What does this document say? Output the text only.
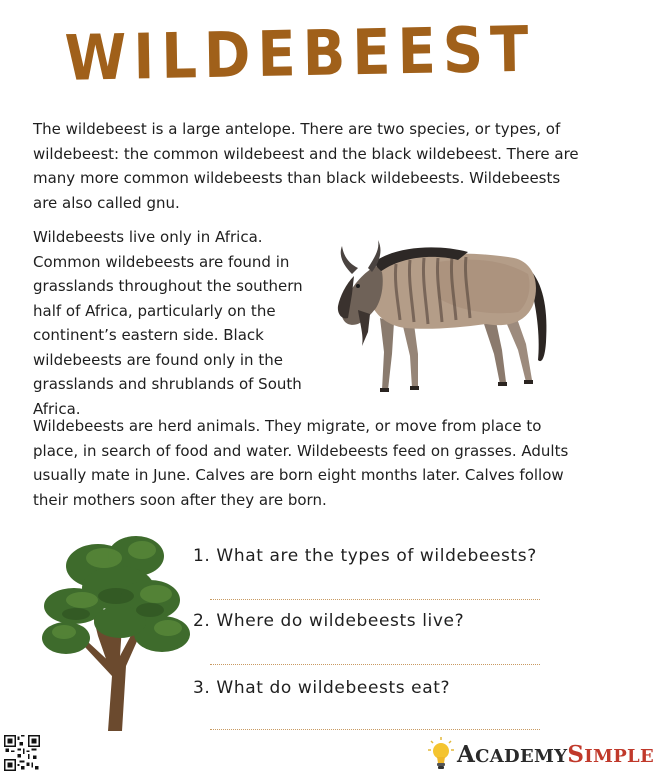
WILDEBEEST

The wildebeest is a large antelope. There are two species, or types, of wildebeest: the common wildebeest and the black wildebeest. There are many more common wildebeests than black wildebeests. Wildebeests are also called gnu.

Wildebeests live only in Africa. Common wildebeests are found in grasslands throughout the southern half of Africa, particularly on the continent’s eastern side. Black wildebeests are found only in the grasslands and shrublands of South Africa.

Wildebeests are herd animals. They migrate, or move from place to place, in search of food and water. Wildebeests feed on grasses. Adults usually mate in June. Calves are born eight months later. Calves follow their mothers soon after they are born.

1. What are the types of wildebeests?
2. Where do wildebeests live?
3. What do wildebeests eat?
ACADEMYSIMPLE
